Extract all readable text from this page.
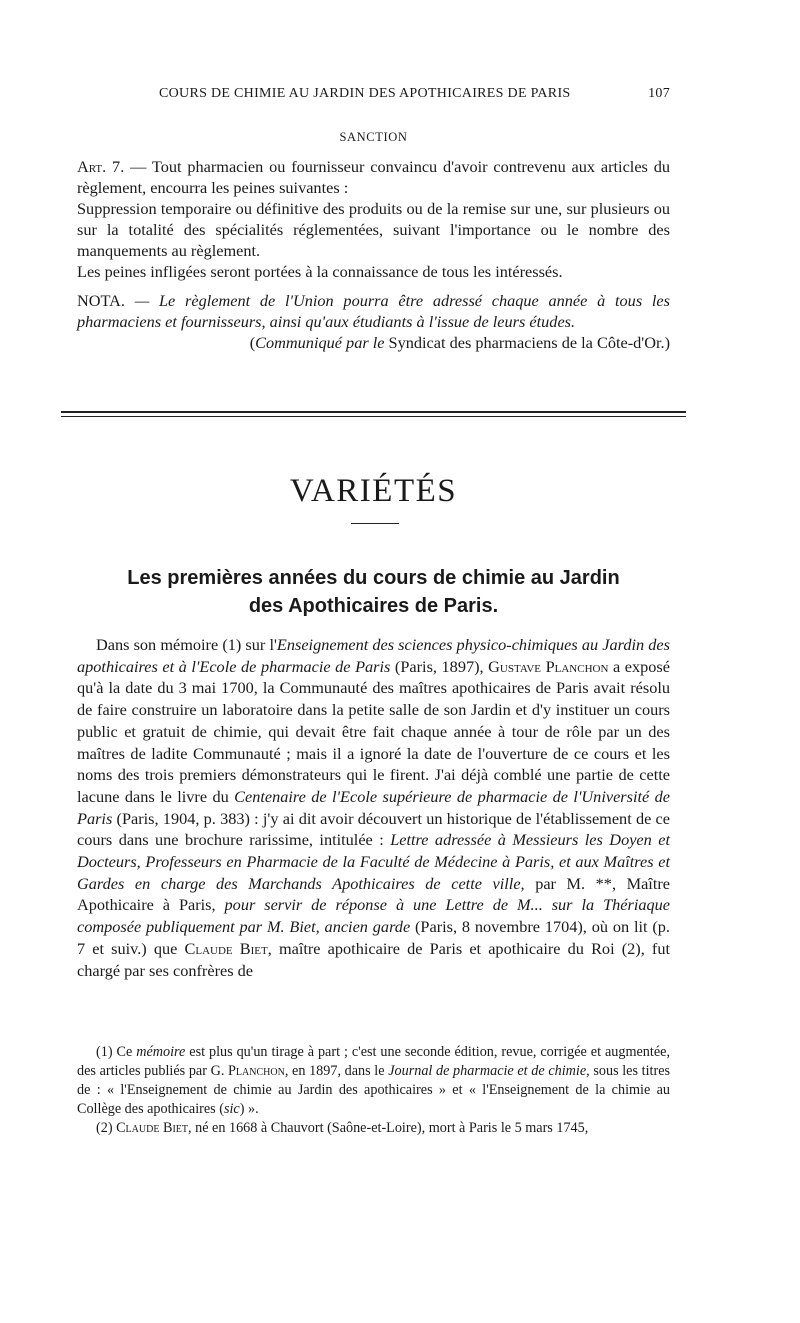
COURS DE CHIMIE AU JARDIN DES APOTHICAIRES DE PARIS	107
SANCTION

Art. 7. — Tout pharmacien ou fournisseur convaincu d'avoir contrevenu aux articles du règlement, encourra les peines suivantes :

Suppression temporaire ou définitive des produits ou de la remise sur une, sur plusieurs ou sur la totalité des spécialités réglementées, suivant l'importance ou le nombre des manquements au règlement.

Les peines infligées seront portées à la connaissance de tous les intéressés.

NOTA. — Le règlement de l'Union pourra être adressé chaque année à tous les pharmaciens et fournisseurs, ainsi qu'aux étudiants à l'issue de leurs études.

(Communiqué par le Syndicat des pharmaciens de la Côte-d'Or.)

VARIÉTÉS
Les premières années du cours de chimie au Jardin
des Apothicaires de Paris.

Dans son mémoire (1) sur l'Enseignement des sciences physico-chimiques au Jardin des apothicaires et à l'Ecole de pharmacie de Paris (Paris, 1897), Gustave Planchon a exposé qu'à la date du 3 mai 1700, la Communauté des maîtres apothicaires de Paris avait résolu de faire construire un laboratoire dans la petite salle de son Jardin et d'y instituer un cours public et gratuit de chimie, qui devait être fait chaque année à tour de rôle par un des maîtres de ladite Communauté ; mais il a ignoré la date de l'ouverture de ce cours et les noms des trois premiers démonstrateurs qui le firent. J'ai déjà comblé une partie de cette lacune dans le livre du Centenaire de l'Ecole supérieure de pharmacie de l'Université de Paris (Paris, 1904, p. 383) : j'y ai dit avoir découvert un historique de l'établissement de ce cours dans une brochure rarissime, intitulée : Lettre adressée à Messieurs les Doyen et Docteurs, Professeurs en Pharmacie de la Faculté de Médecine à Paris, et aux Maîtres et Gardes en charge des Marchands Apothicaires de cette ville, par M. **, Maître Apothicaire à Paris, pour servir de réponse à une Lettre de M... sur la Thériaque composée publiquement par M. Biet, ancien garde (Paris, 8 novembre 1704), où on lit (p. 7 et suiv.) que Claude Biet, maître apothicaire de Paris et apothicaire du Roi (2), fut chargé par ses confrères de

(1) Ce mémoire est plus qu'un tirage à part ; c'est une seconde édition, revue, corrigée et augmentée, des articles publiés par G. Planchon, en 1897, dans le Journal de pharmacie et de chimie, sous les titres de : « l'Enseignement de chimie au Jardin des apothicaires » et « l'Enseignement de la chimie au Collège des apothicaires (sic) ».

(2) Claude Biet, né en 1668 à Chauvort (Saône-et-Loire), mort à Paris le 5 mars 1745,
